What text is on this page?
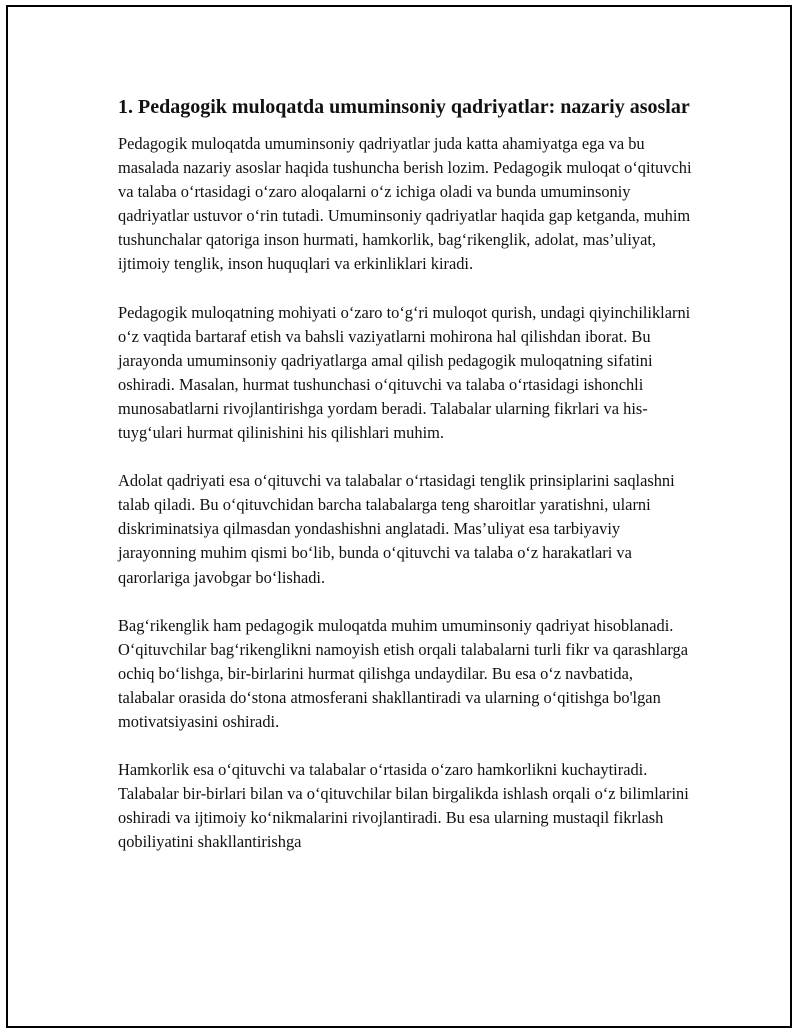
1. Pedagogik muloqatda umuminsoniy qadriyatlar: nazariy asoslar

Pedagogik muloqatda umuminsoniy qadriyatlar juda katta ahamiyatga ega va bu masalada nazariy asoslar haqida tushuncha berish lozim. Pedagogik muloqat o‘qituvchi va talaba o‘rtasidagi o‘zaro aloqalarni o‘z ichiga oladi va bunda umuminsoniy qadriyatlar ustuvor o‘rin tutadi. Umuminsoniy qadriyatlar haqida gap ketganda, muhim tushunchalar qatoriga inson hurmati, hamkorlik, bag‘rikenglik, adolat, mas’uliyat, ijtimoiy tenglik, inson huquqlari va erkinliklari kiradi.

Pedagogik muloqatning mohiyati o‘zaro to‘g‘ri muloqot qurish, undagi qiyinchiliklarni o‘z vaqtida bartaraf etish va bahsli vaziyatlarni mohirona hal qilishdan iborat. Bu jarayonda umuminsoniy qadriyatlarga amal qilish pedagogik muloqatning sifatini oshiradi. Masalan, hurmat tushunchasi o‘qituvchi va talaba o‘rtasidagi ishonchli munosabatlarni rivojlantirishga yordam beradi. Talabalar ularning fikrlari va his-tuyg‘ulari hurmat qilinishini his qilishlari muhim.

Adolat qadriyati esa o‘qituvchi va talabalar o‘rtasidagi tenglik prinsiplarini saqlashni talab qiladi. Bu o‘qituvchidan barcha talabalarga teng sharoitlar yaratishni, ularni diskriminatsiya qilmasdan yondashishni anglatadi. Mas’uliyat esa tarbiyaviy jarayonning muhim qismi bo‘lib, bunda o‘qituvchi va talaba o‘z harakatlari va qarorlariga javobgar bo‘lishadi.

Bag‘rikenglik ham pedagogik muloqatda muhim umuminsoniy qadriyat hisoblanadi. O‘qituvchilar bag‘rikenglikni namoyish etish orqali talabalarni turli fikr va qarashlarga ochiq bo‘lishga, bir-birlarini hurmat qilishga undaydilar. Bu esa o‘z navbatida, talabalar orasida do‘stona atmosferani shakllantiradi va ularning o‘qitishga bo'lgan motivatsiyasini oshiradi.

Hamkorlik esa o‘qituvchi va talabalar o‘rtasida o‘zaro hamkorlikni kuchaytiradi. Talabalar bir-birlari bilan va o‘qituvchilar bilan birgalikda ishlash orqali o‘z bilimlarini oshiradi va ijtimoiy ko‘nikmalarini rivojlantiradi. Bu esa ularning mustaqil fikrlash qobiliyatini shakllantirishga
